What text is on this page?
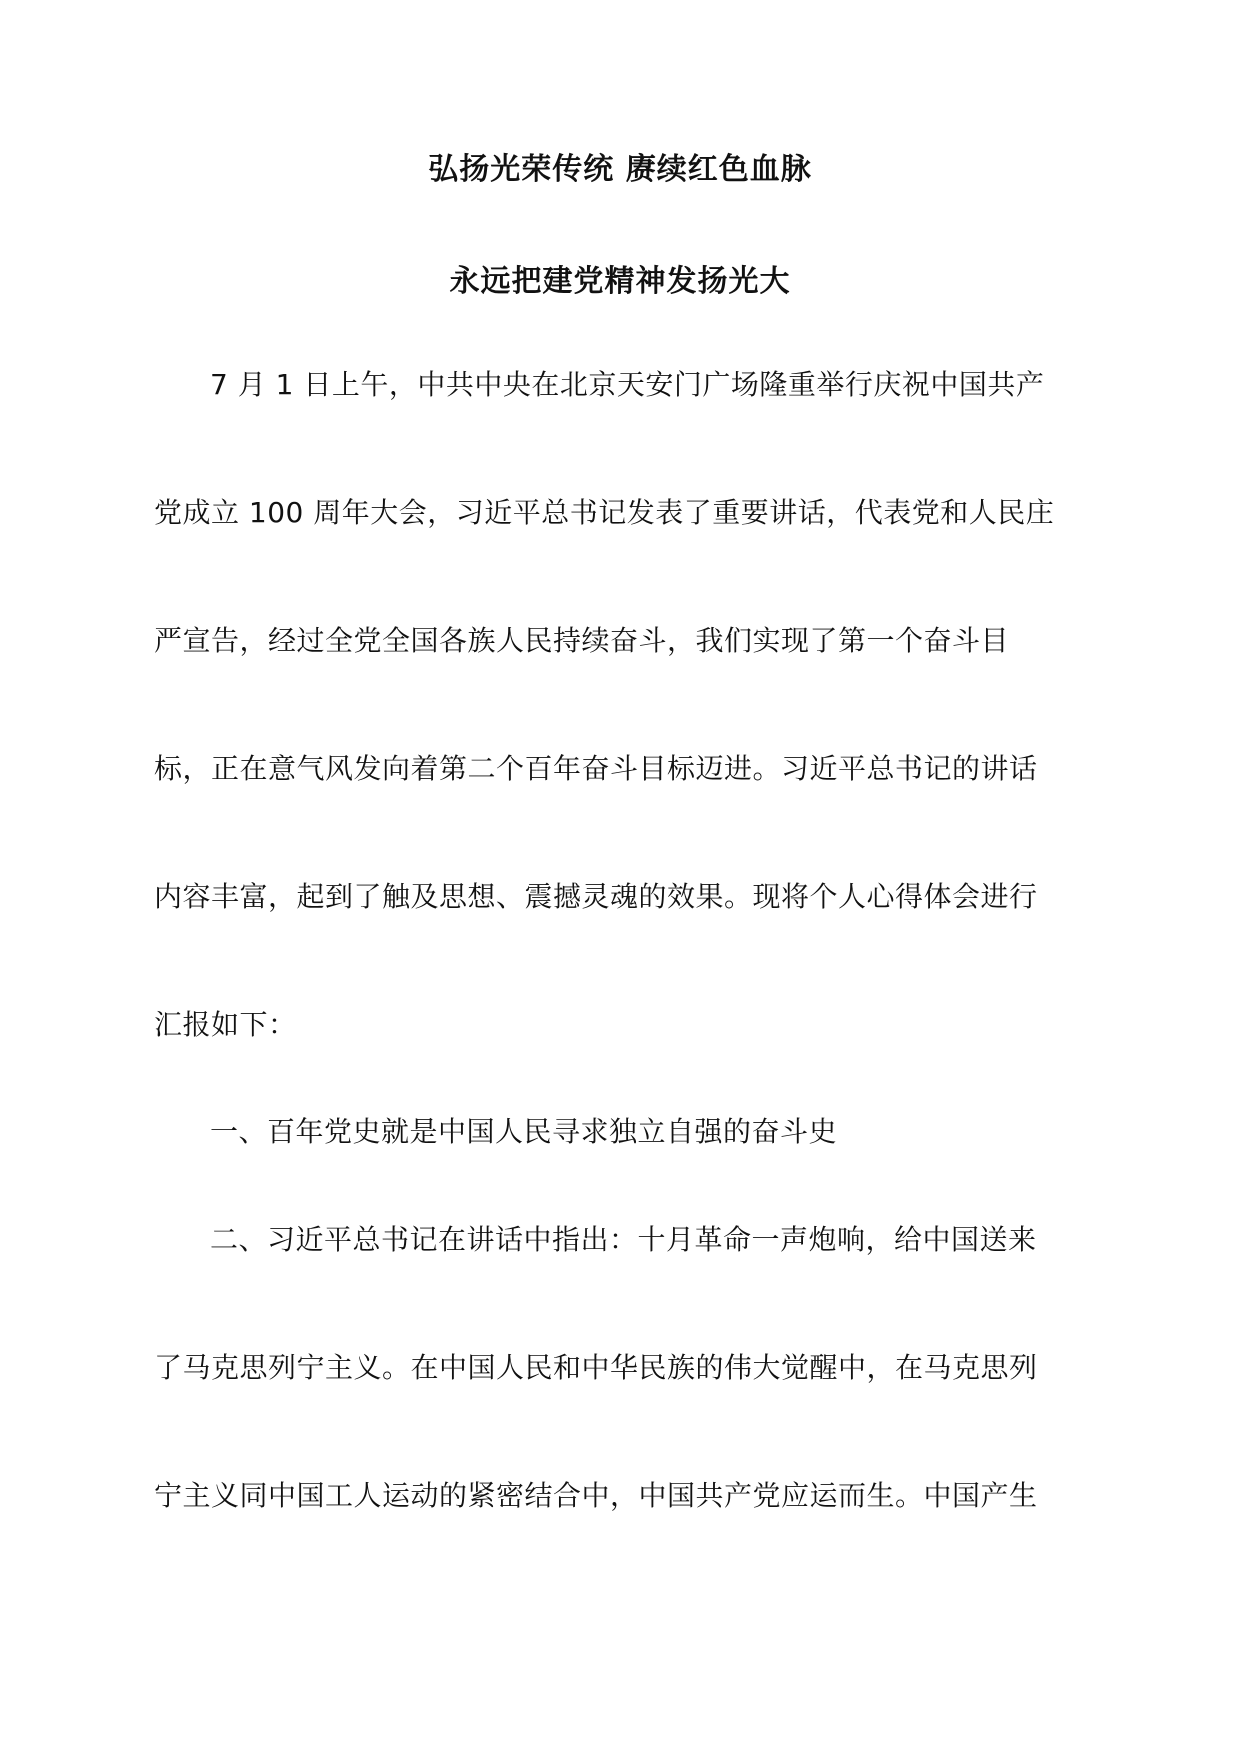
弘扬光荣传统 赓续红色血脉
永远把建党精神发扬光大
7 月 1 日上午，中共中央在北京天安门广场隆重举行庆祝中国共产
党成立 100 周年大会，习近平总书记发表了重要讲话，代表党和人民庄
严宣告，经过全党全国各族人民持续奋斗，我们实现了第一个奋斗目
标，正在意气风发向着第二个百年奋斗目标迈进。习近平总书记的讲话
内容丰富，起到了触及思想、震撼灵魂的效果。现将个人心得体会进行
汇报如下：
一、百年党史就是中国人民寻求独立自强的奋斗史
二、习近平总书记在讲话中指出：十月革命一声炮响，给中国送来
了马克思列宁主义。在中国人民和中华民族的伟大觉醒中，在马克思列
宁主义同中国工人运动的紧密结合中，中国共产党应运而生。中国产生
